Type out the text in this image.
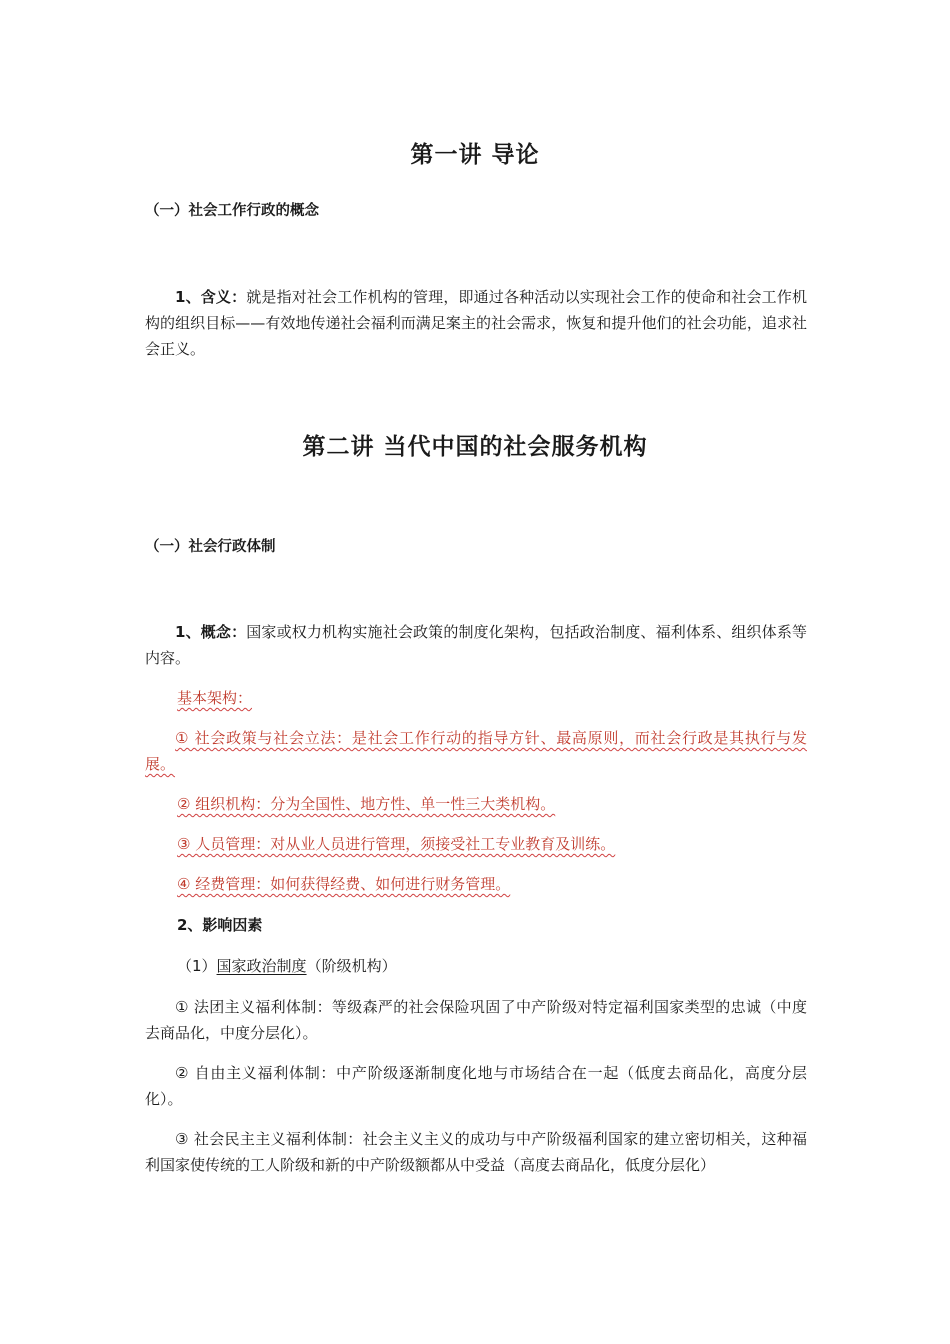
第一讲 导论

（一）社会工作行政的概念

1、含义：就是指对社会工作机构的管理，即通过各种活动以实现社会工作的使命和社会工作机构的组织目标——有效地传递社会福利而满足案主的社会需求，恢复和提升他们的社会功能，追求社会正义。

第二讲 当代中国的社会服务机构

（一）社会行政体制

1、概念：国家或权力机构实施社会政策的制度化架构，包括政治制度、福利体系、组织体系等内容。

基本架构：

① 社会政策与社会立法：是社会工作行动的指导方针、最高原则，而社会行政是其执行与发展。

② 组织机构：分为全国性、地方性、单一性三大类机构。

③ 人员管理：对从业人员进行管理，须接受社工专业教育及训练。

④ 经费管理：如何获得经费、如何进行财务管理。

2、影响因素

（1）国家政治制度（阶级机构）

① 法团主义福利体制：等级森严的社会保险巩固了中产阶级对特定福利国家类型的忠诚（中度去商品化，中度分层化）。

② 自由主义福利体制：中产阶级逐渐制度化地与市场结合在一起（低度去商品化，高度分层化）。

③ 社会民主主义福利体制：社会主义主义的成功与中产阶级福利国家的建立密切相关，这种福利国家使传统的工人阶级和新的中产阶级额都从中受益（高度去商品化，低度分层化）
